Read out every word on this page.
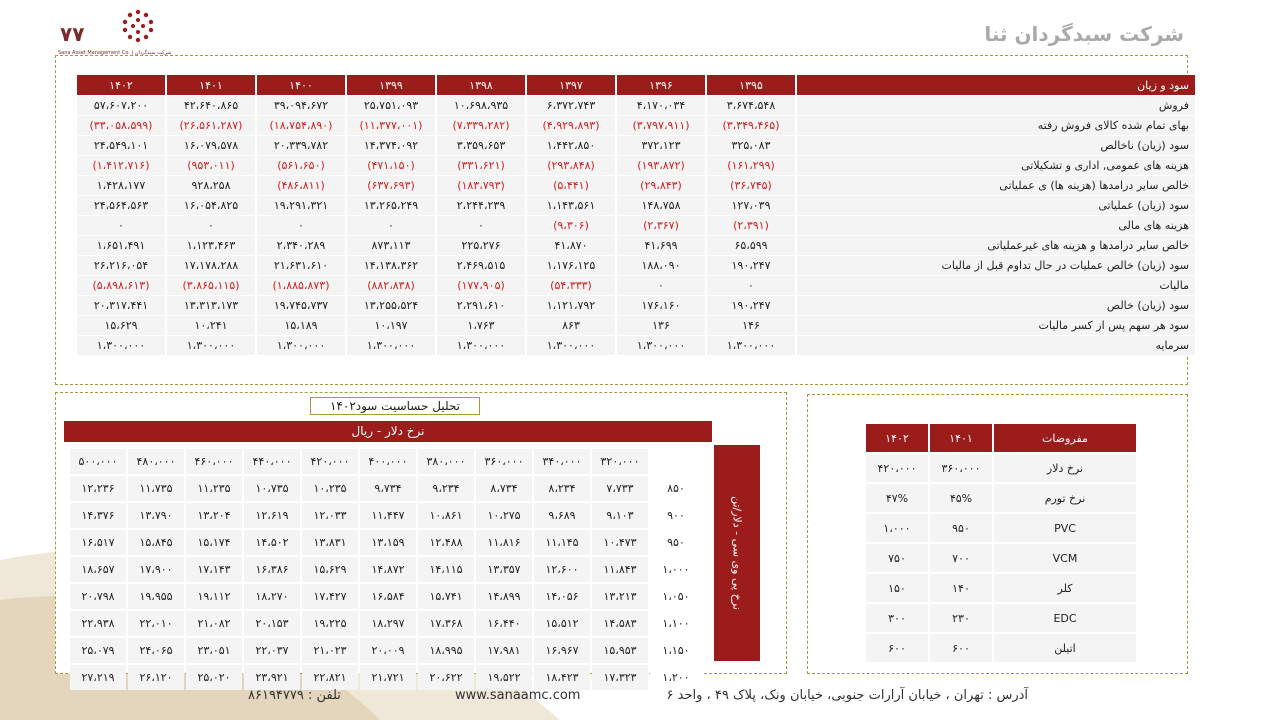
۷۷
Sana Asset Management Co. | شرکت سبدگردان
شرکت سبدگردان ثنا
۱۴۰۲	۱۴۰۱	۱۴۰۰	۱۳۹۹	۱۳۹۸	۱۳۹۷	۱۳۹۶	۱۳۹۵	سود و زیان
۵۷،۶۰۷،۲۰۰	۴۲،۶۴۰،۸۶۵	۳۹،۰۹۴،۶۷۲	۲۵،۷۵۱،۰۹۳	۱۰،۶۹۸،۹۳۵	۶،۳۷۲،۷۴۳	۴،۱۷۰،۰۳۴	۳،۶۷۴،۵۴۸	فروش
(۳۳،۰۵۸،۵۹۹)	(۲۶،۵۶۱،۲۸۷)	(۱۸،۷۵۴،۸۹۰)	(۱۱،۳۷۷،۰۰۱)	(۷،۳۳۹،۲۸۲)	(۴،۹۲۹،۸۹۳)	(۳،۷۹۷،۹۱۱)	(۳،۳۴۹،۴۶۵)	بهای تمام شده کالای فروش رفته
۲۴،۵۴۹،۱۰۱	۱۶،۰۷۹،۵۷۸	۲۰،۳۳۹،۷۸۲	۱۴،۳۷۴،۰۹۲	۳،۳۵۹،۶۵۳	۱،۴۴۲،۸۵۰	۳۷۲،۱۲۳	۳۲۵،۰۸۳	سود (زیان) ناخالص
(۱،۴۱۲،۷۱۶)	(۹۵۳،۰۱۱)	(۵۶۱،۶۵۰)	(۴۷۱،۱۵۰)	(۳۳۱،۶۲۱)	(۲۹۳،۸۴۸)	(۱۹۳،۸۷۲)	(۱۶۱،۲۹۹)	هزینه های عمومی, اداری و تشکیلاتی
۱،۴۲۸،۱۷۷	۹۲۸،۲۵۸	(۴۸۶،۸۱۱)	(۶۳۷،۶۹۳)	(۱۸۳،۷۹۳)	(۵،۴۴۱)	(۲۹،۸۴۳)	(۳۶،۷۴۵)	خالص سایر درامدها (هزینه ها) ی عملیاتی
۲۴،۵۶۴،۵۶۳	۱۶،۰۵۴،۸۲۵	۱۹،۲۹۱،۳۲۱	۱۳،۲۶۵،۲۴۹	۲،۲۴۴،۲۳۹	۱،۱۴۳،۵۶۱	۱۴۸،۷۵۸	۱۲۷،۰۳۹	سود (زیان) عملیاتی
۰	۰	۰	۰	۰	(۹،۳۰۶)	(۲،۳۶۷)	(۲،۳۹۱)	هزینه های مالی
۱،۶۵۱،۴۹۱	۱،۱۲۳،۴۶۳	۲،۳۴۰،۲۸۹	۸۷۳،۱۱۳	۲۲۵،۲۷۶	۴۱،۸۷۰	۴۱،۶۹۹	۶۵،۵۹۹	خالص سایر درامدها و هزینه های غیرعملیاتی
۲۶،۲۱۶،۰۵۴	۱۷،۱۷۸،۲۸۸	۲۱،۶۳۱،۶۱۰	۱۴،۱۳۸،۳۶۲	۲،۴۶۹،۵۱۵	۱،۱۷۶،۱۲۵	۱۸۸،۰۹۰	۱۹۰،۲۴۷	سود (زیان) خالص عملیات در حال تداوم قبل از مالیات
(۵،۸۹۸،۶۱۳)	(۳،۸۶۵،۱۱۵)	(۱،۸۸۵،۸۷۳)	(۸۸۲،۸۳۸)	(۱۷۷،۹۰۵)	(۵۴،۳۳۳)	۰	۰	مالیات
۲۰،۳۱۷،۴۴۱	۱۳،۳۱۳،۱۷۳	۱۹،۷۴۵،۷۳۷	۱۳،۲۵۵،۵۲۴	۲،۲۹۱،۶۱۰	۱،۱۲۱،۷۹۲	۱۷۶،۱۶۰	۱۹۰،۲۴۷	سود (زیان) خالص
۱۵،۶۲۹	۱۰،۲۴۱	۱۵،۱۸۹	۱۰،۱۹۷	۱،۷۶۳	۸۶۳	۱۳۶	۱۴۶	سود هر سهم پس از کسر مالیات
۱،۳۰۰،۰۰۰	۱،۳۰۰،۰۰۰	۱،۳۰۰،۰۰۰	۱،۳۰۰،۰۰۰	۱،۳۰۰،۰۰۰	۱،۳۰۰،۰۰۰	۱،۳۰۰،۰۰۰	۱،۳۰۰،۰۰۰	سرمایه
تحلیل حساسیت سود۱۴۰۲
نرخ دلار - ریال
نرخ پی وی سی - دلار/تن
۵۰۰،۰۰۰	۴۸۰،۰۰۰	۴۶۰،۰۰۰	۴۴۰،۰۰۰	۴۲۰،۰۰۰	۴۰۰،۰۰۰	۳۸۰،۰۰۰	۳۶۰،۰۰۰	۳۴۰،۰۰۰	۳۲۰،۰۰۰	
۱۲،۲۳۶	۱۱،۷۳۵	۱۱،۲۳۵	۱۰،۷۳۵	۱۰،۲۳۵	۹،۷۳۴	۹،۲۳۴	۸،۷۳۴	۸،۲۳۴	۷،۷۳۳	۸۵۰
۱۴،۳۷۶	۱۳،۷۹۰	۱۳،۲۰۴	۱۲،۶۱۹	۱۲،۰۳۳	۱۱،۴۴۷	۱۰،۸۶۱	۱۰،۲۷۵	۹،۶۸۹	۹،۱۰۳	۹۰۰
۱۶،۵۱۷	۱۵،۸۴۵	۱۵،۱۷۴	۱۴،۵۰۲	۱۳،۸۳۱	۱۳،۱۵۹	۱۲،۴۸۸	۱۱،۸۱۶	۱۱،۱۴۵	۱۰،۴۷۳	۹۵۰
۱۸،۶۵۷	۱۷،۹۰۰	۱۷،۱۴۳	۱۶،۳۸۶	۱۵،۶۲۹	۱۴،۸۷۲	۱۴،۱۱۵	۱۳،۳۵۷	۱۲،۶۰۰	۱۱،۸۴۳	۱،۰۰۰
۲۰،۷۹۸	۱۹،۹۵۵	۱۹،۱۱۲	۱۸،۲۷۰	۱۷،۴۲۷	۱۶،۵۸۴	۱۵،۷۴۱	۱۴،۸۹۹	۱۴،۰۵۶	۱۳،۲۱۳	۱،۰۵۰
۲۲،۹۳۸	۲۲،۰۱۰	۲۱،۰۸۲	۲۰،۱۵۳	۱۹،۲۲۵	۱۸،۲۹۷	۱۷،۳۶۸	۱۶،۴۴۰	۱۵،۵۱۲	۱۴،۵۸۳	۱،۱۰۰
۲۵،۰۷۹	۲۴،۰۶۵	۲۳،۰۵۱	۲۲،۰۳۷	۲۱،۰۲۳	۲۰،۰۰۹	۱۸،۹۹۵	۱۷،۹۸۱	۱۶،۹۶۷	۱۵،۹۵۳	۱،۱۵۰
۲۷،۲۱۹	۲۶،۱۲۰	۲۵،۰۲۰	۲۳،۹۲۱	۲۲،۸۲۱	۲۱،۷۲۱	۲۰،۶۲۲	۱۹،۵۲۲	۱۸،۴۲۳	۱۷،۳۲۳	۱،۲۰۰
۱۴۰۲	۱۴۰۱	مفروضات
۴۲۰،۰۰۰	۳۶۰،۰۰۰	نرخ دلار
۴۷%	۴۵%	نرخ تورم
۱،۰۰۰	۹۵۰	PVC
۷۵۰	۷۰۰	VCM
۱۵۰	۱۴۰	کلر
۳۰۰	۲۳۰	EDC
۶۰۰	۶۰۰	اتیلن
آدرس : تهران ، خیابان آرارات جنوبی، خیابان ونک، پلاک ۴۹ ، واحد ۶
www.sanaamc.com
تلفن : ۸۶۱۹۴۷۷۹
